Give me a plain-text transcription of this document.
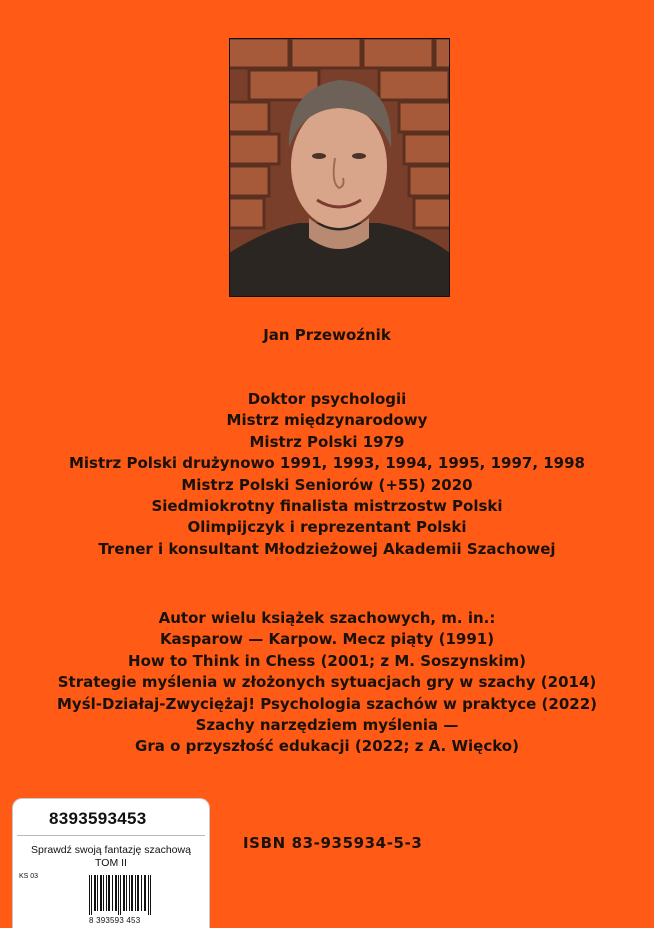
Jan Przewoźnik
Doktor psychologii
Mistrz międzynarodowy
Mistrz Polski 1979
Mistrz Polski drużynowo 1991, 1993, 1994, 1995, 1997, 1998
Mistrz Polski Seniorów (+55) 2020
Siedmiokrotny finalista mistrzostw Polski
Olimpijczyk i reprezentant Polski
Trener i konsultant Młodzieżowej Akademii Szachowej
Autor wielu książek szachowych, m. in.:
Kasparow — Karpow. Mecz piąty (1991)
How to Think in Chess (2001; z M. Soszynskim)
Strategie myślenia w złożonych sytuacjach gry w szachy (2014)
Myśl-Działaj-Zwyciężaj! Psychologia szachów w praktyce (2022)
Szachy narzędziem myślenia —
Gra o przyszłość edukacji (2022; z A. Więcko)
ISBN 83-935934-5-3
8393593453
Sprawdź swoją fantazję szachową
TOM II
KS 03
8 393593 453
